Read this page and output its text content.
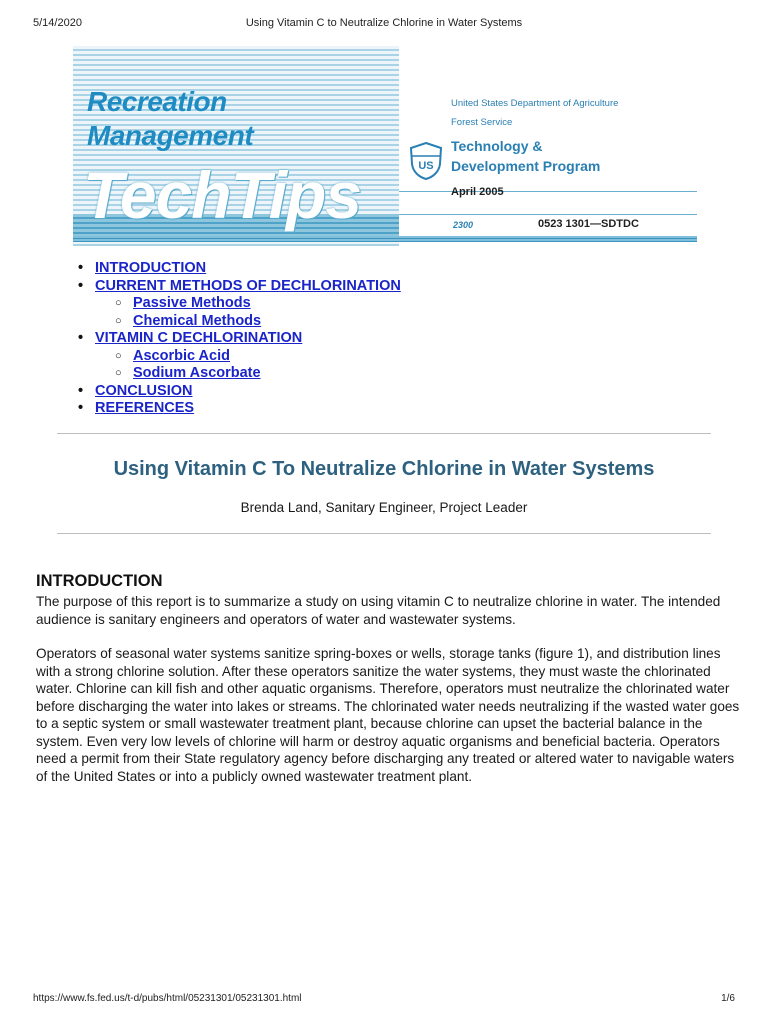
5/14/2020	Using Vitamin C to Neutralize Chlorine in Water Systems
Recreation
Management
TechTips
United States Department of Agriculture
Forest Service
US
Technology &
Development Program
April 2005
2300	0523 1301—SDTDC
• INTRODUCTION
• CURRENT METHODS OF DECHLORINATION
○ Passive Methods
○ Chemical Methods
• VITAMIN C DECHLORINATION
○ Ascorbic Acid
○ Sodium Ascorbate
• CONCLUSION
• REFERENCES
Using Vitamin C To Neutralize Chlorine in Water Systems
Brenda Land, Sanitary Engineer, Project Leader
INTRODUCTION

The purpose of this report is to summarize a study on using vitamin C to neutralize chlorine in water. The intended audience is sanitary engineers and operators of water and wastewater systems.

Operators of seasonal water systems sanitize spring-boxes or wells, storage tanks (figure 1), and distribution lines with a strong chlorine solution. After these operators sanitize the water systems, they must waste the chlorinated water. Chlorine can kill fish and other aquatic organisms. Therefore, operators must neutralize the chlorinated water before discharging the water into lakes or streams. The chlorinated water needs neutralizing if the wasted water goes to a septic system or small wastewater treatment plant, because chlorine can upset the bacterial balance in the system. Even very low levels of chlorine will harm or destroy aquatic organisms and beneficial bacteria. Operators need a permit from their State regulatory agency before discharging any treated or altered water to navigable waters of the United States or into a publicly owned wastewater treatment plant.

https://www.fs.fed.us/t-d/pubs/html/05231301/05231301.html	1/6
